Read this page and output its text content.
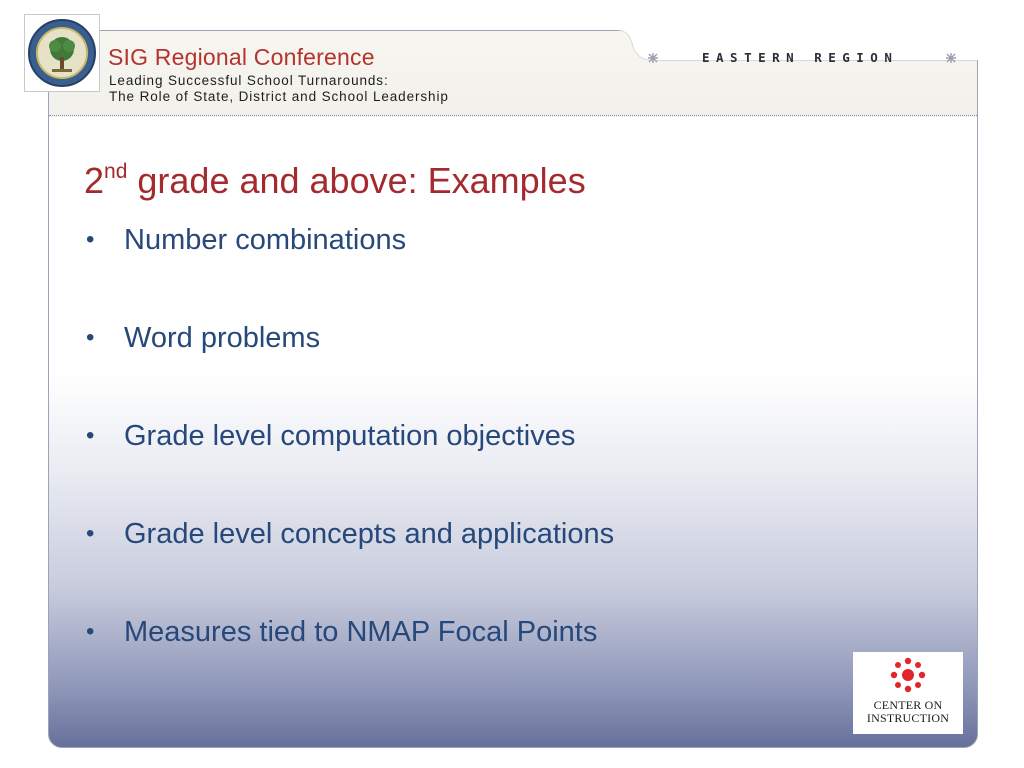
SIG Regional Conference
Leading Successful School Turnarounds:
The Role of State, District and School Leadership
EASTERN REGION
2nd grade and above: Examples
• Number combinations
• Word problems
• Grade level computation objectives
• Grade level concepts and applications
• Measures tied to NMAP Focal Points
CENTER ON
INSTRUCTION
